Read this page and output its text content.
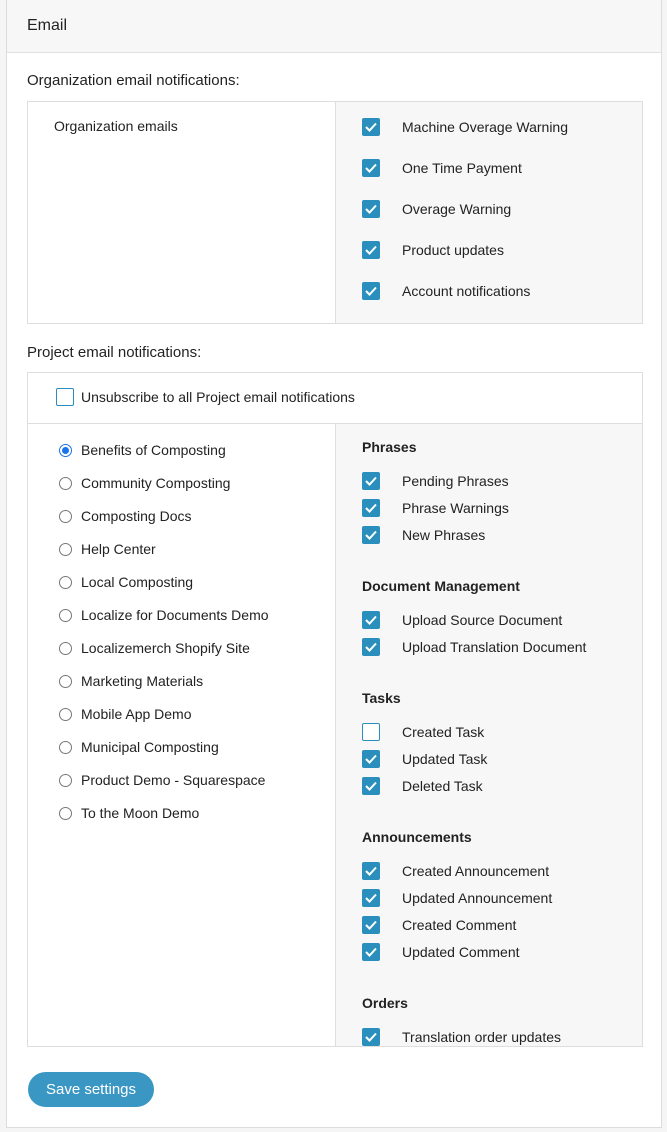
Email
Organization email notifications:
Organization emails	Machine Overage Warning
One Time Payment
Overage Warning
Product updates
Account notifications
Project email notifications:
Unsubscribe to all Project email notifications
Benefits of Composting
Community Composting
Composting Docs
Help Center
Local Composting
Localize for Documents Demo
Localizemerch Shopify Site
Marketing Materials
Mobile App Demo
Municipal Composting
Product Demo - Squarespace
To the Moon Demo
Phrases
Pending Phrases
Phrase Warnings
New Phrases
Document Management
Upload Source Document
Upload Translation Document
Tasks
Created Task
Updated Task
Deleted Task
Announcements
Created Announcement
Updated Announcement
Created Comment
Updated Comment
Orders
Translation order updates
Save settings
